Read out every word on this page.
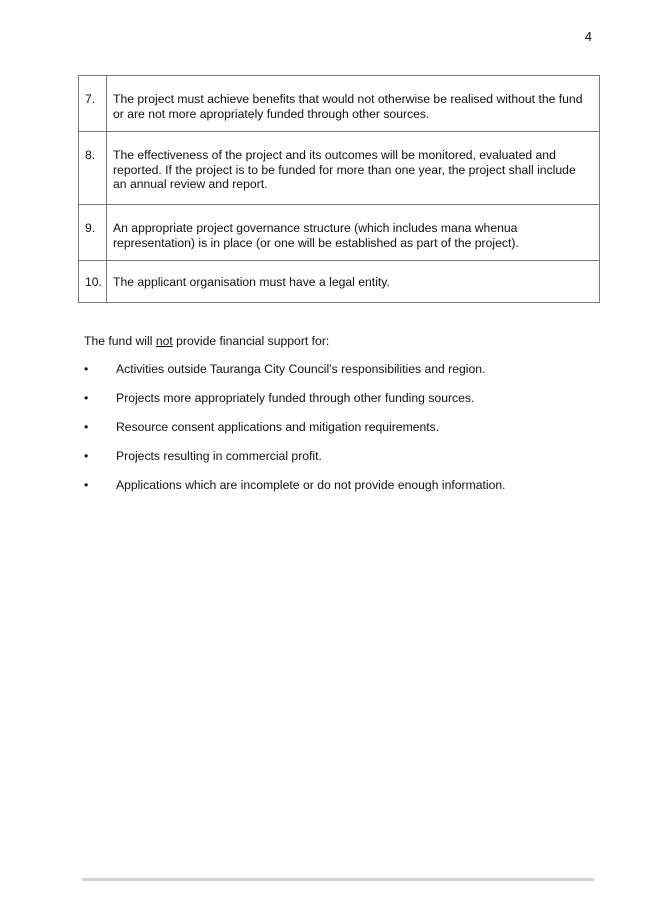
4
7.	The project must achieve benefits that would not otherwise be realised without the fund or are not more apropriately funded through other sources.
8.	The effectiveness of the project and its outcomes will be monitored, evaluated and reported. If the project is to be funded for more than one year, the project shall include an annual review and report.
9.	An appropriate project governance structure (which includes mana whenua representation) is in place (or one will be established as part of the project).
10.	The applicant organisation must have a legal entity.
The fund will not provide financial support for:
• Activities outside Tauranga City Council’s responsibilities and region.
• Projects more appropriately funded through other funding sources.
• Resource consent applications and mitigation requirements.
• Projects resulting in commercial profit.
• Applications which are incomplete or do not provide enough information.
